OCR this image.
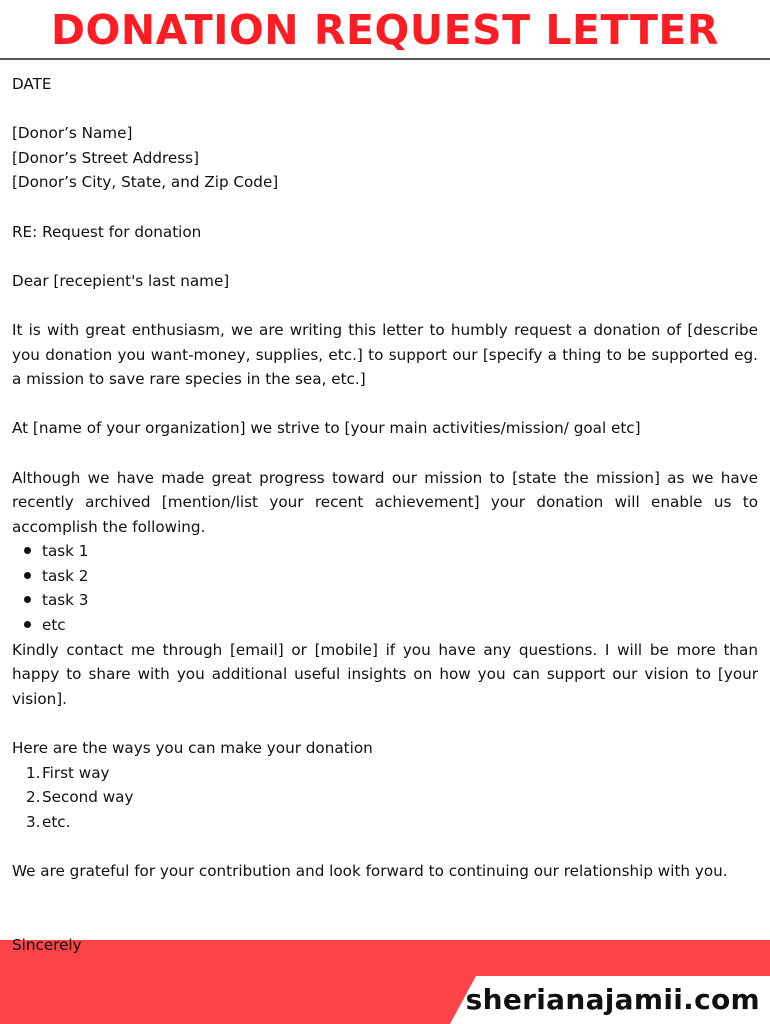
DONATION REQUEST LETTER

DATE

[Donor’s Name]

[Donor’s Street Address]

[Donor’s City, State, and Zip Code]

RE: Request for donation

Dear [recepient's last name]

It is with great enthusiasm, we are writing this letter to humbly request a donation of [describe you donation you want-money, supplies, etc.] to support our [specify a thing to be supported eg. a mission to save rare species in the sea, etc.]

At [name of your organization] we strive to [your main activities/mission/ goal etc]

Although we have made great progress toward our mission to [state the mission] as we have recently archived [mention/list your recent achievement] your donation will enable us to accomplish the following.

task 1
task 2
task 3
etc

Kindly contact me through [email] or [mobile] if you have any questions. I will be more than happy to share with you additional useful insights on how you can support our vision to [your vision].

Here are the ways you can make your donation

1. First way
2. Second way
3. etc.

We are grateful for your contribution and look forward to continuing our relationship with you.

Sincerely
sherianajamii.com
